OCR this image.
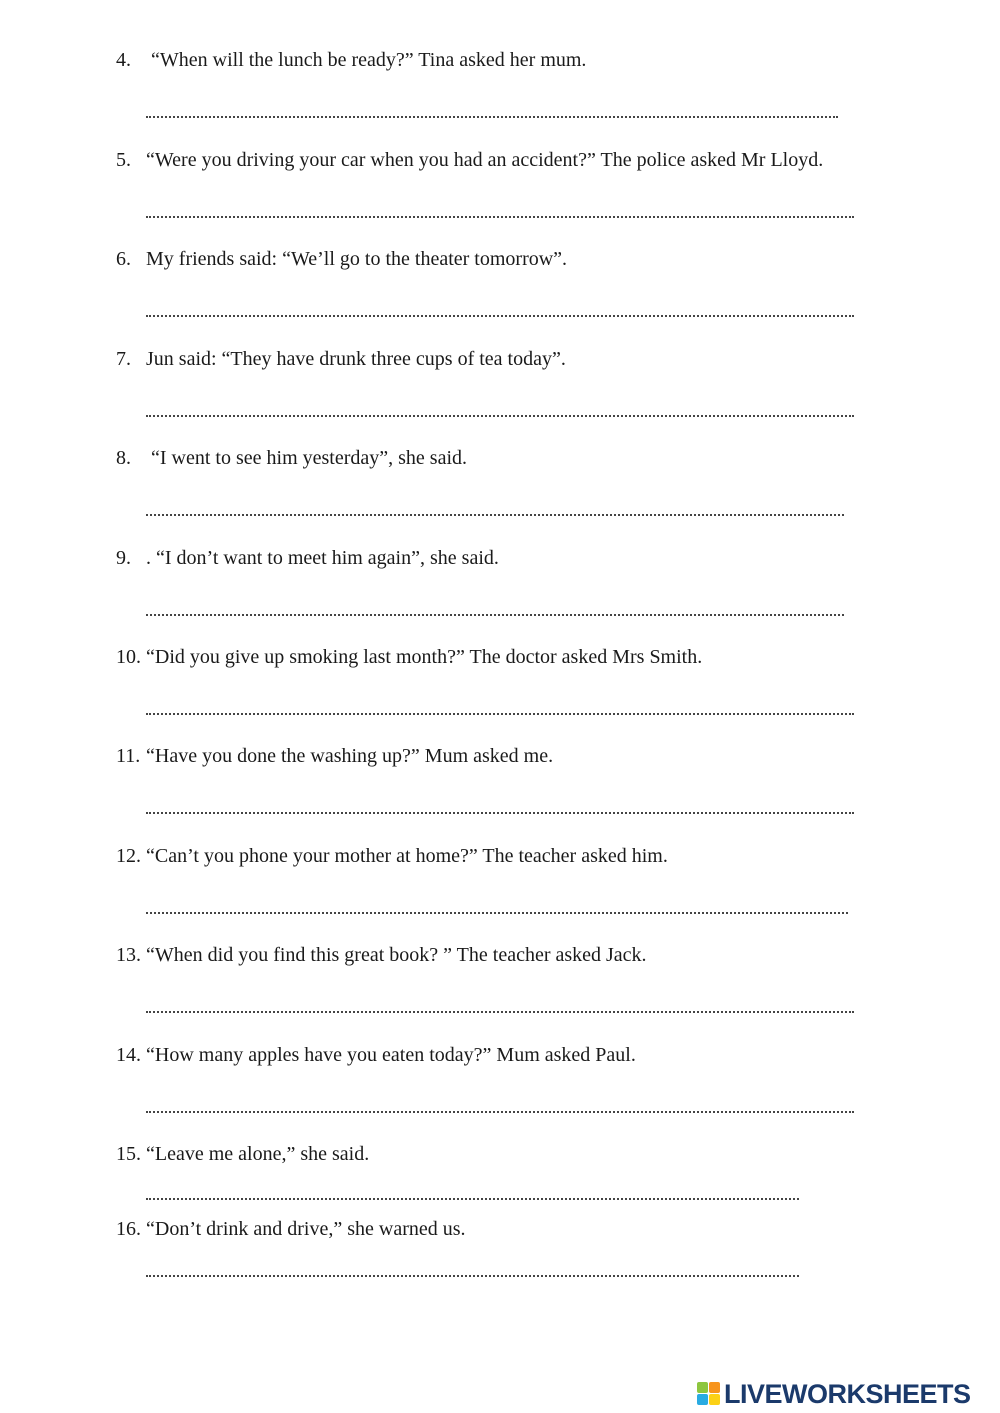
4. “When will the lunch be ready?” Tina asked her mum.
5. “Were you driving your car when you had an accident?” The police asked Mr Lloyd.
6. My friends said: “We’ll go to the theater tomorrow”.
7. Jun said: “They have drunk three cups of tea today”.
8. “I went to see him yesterday”, she said.
9. . “I don’t want to meet him again”, she said.
10. “Did you give up smoking last month?” The doctor asked Mrs Smith.
11. “Have you done the washing up?” Mum asked me.
12. “Can’t you phone your mother at home?” The teacher asked him.
13. “When did you find this great book? ” The teacher asked Jack.
14. “How many apples have you eaten today?” Mum asked Paul.
15. “Leave me alone,” she said.
16. “Don’t drink and drive,” she warned us.
LIVEWORKSHEETS
